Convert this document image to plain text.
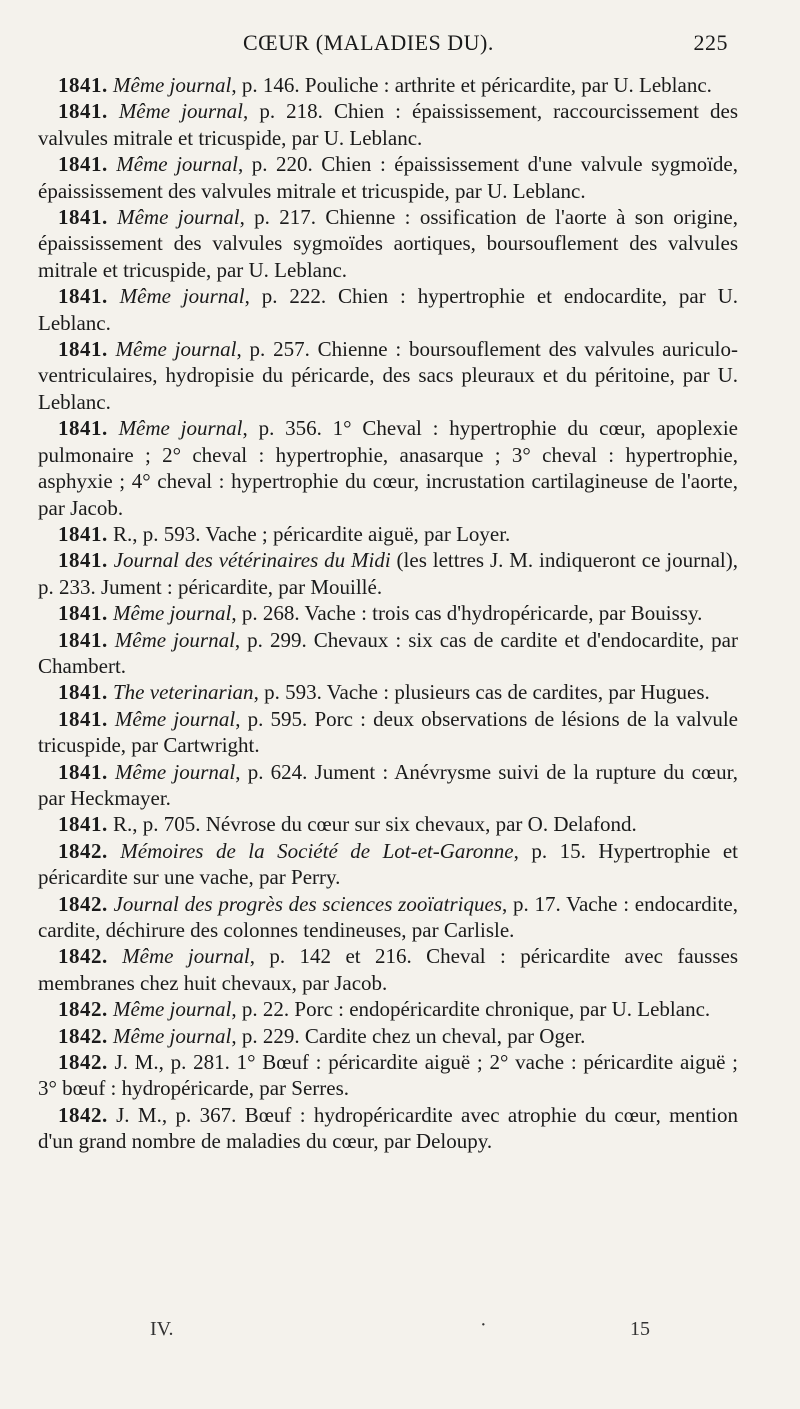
CŒUR (MALADIES DU).	225

1841. Même journal, p. 146. Pouliche : arthrite et péricardite, par U. Leblanc.

1841. Même journal, p. 218. Chien : épaississement, raccourcissement des valvules mitrale et tricuspide, par U. Leblanc.

1841. Même journal, p. 220. Chien : épaississement d'une valvule sygmoïde, épaississement des valvules mitrale et tricuspide, par U. Leblanc.

1841. Même journal, p. 217. Chienne : ossification de l'aorte à son origine, épaississement des valvules sygmoïdes aortiques, boursouflement des valvules mitrale et tricuspide, par U. Leblanc.

1841. Même journal, p. 222. Chien : hypertrophie et endocardite, par U. Leblanc.

1841. Même journal, p. 257. Chienne : boursouflement des valvules auriculo-ventriculaires, hydropisie du péricarde, des sacs pleuraux et du péritoine, par U. Leblanc.

1841. Même journal, p. 356. 1° Cheval : hypertrophie du cœur, apoplexie pulmonaire ; 2° cheval : hypertrophie, anasarque ; 3° cheval : hypertrophie, asphyxie ; 4° cheval : hypertrophie du cœur, incrustation cartilagineuse de l'aorte, par Jacob.

1841. R., p. 593. Vache ; péricardite aiguë, par Loyer.

1841. Journal des vétérinaires du Midi (les lettres J. M. indiqueront ce journal), p. 233. Jument : péricardite, par Mouillé.

1841. Même journal, p. 268. Vache : trois cas d'hydropéricarde, par Bouissy.

1841. Même journal, p. 299. Chevaux : six cas de cardite et d'endocardite, par Chambert.

1841. The veterinarian, p. 593. Vache : plusieurs cas de cardites, par Hugues.

1841. Même journal, p. 595. Porc : deux observations de lésions de la valvule tricuspide, par Cartwright.

1841. Même journal, p. 624. Jument : Anévrysme suivi de la rupture du cœur, par Heckmayer.

1841. R., p. 705. Névrose du cœur sur six chevaux, par O. Delafond.

1842. Mémoires de la Société de Lot-et-Garonne, p. 15. Hypertrophie et péricardite sur une vache, par Perry.

1842. Journal des progrès des sciences zooïatriques, p. 17. Vache : endocardite, cardite, déchirure des colonnes tendineuses, par Carlisle.

1842. Même journal, p. 142 et 216. Cheval : péricardite avec fausses membranes chez huit chevaux, par Jacob.

1842. Même journal, p. 22. Porc : endopéricardite chronique, par U. Leblanc.

1842. Même journal, p. 229. Cardite chez un cheval, par Oger.

1842. J. M., p. 281. 1° Bœuf : péricardite aiguë ; 2° vache : péricardite aiguë ; 3° bœuf : hydropéricarde, par Serres.

1842. J. M., p. 367. Bœuf : hydropéricardite avec atrophie du cœur, mention d'un grand nombre de maladies du cœur, par Deloupy.

IV.	·	15
